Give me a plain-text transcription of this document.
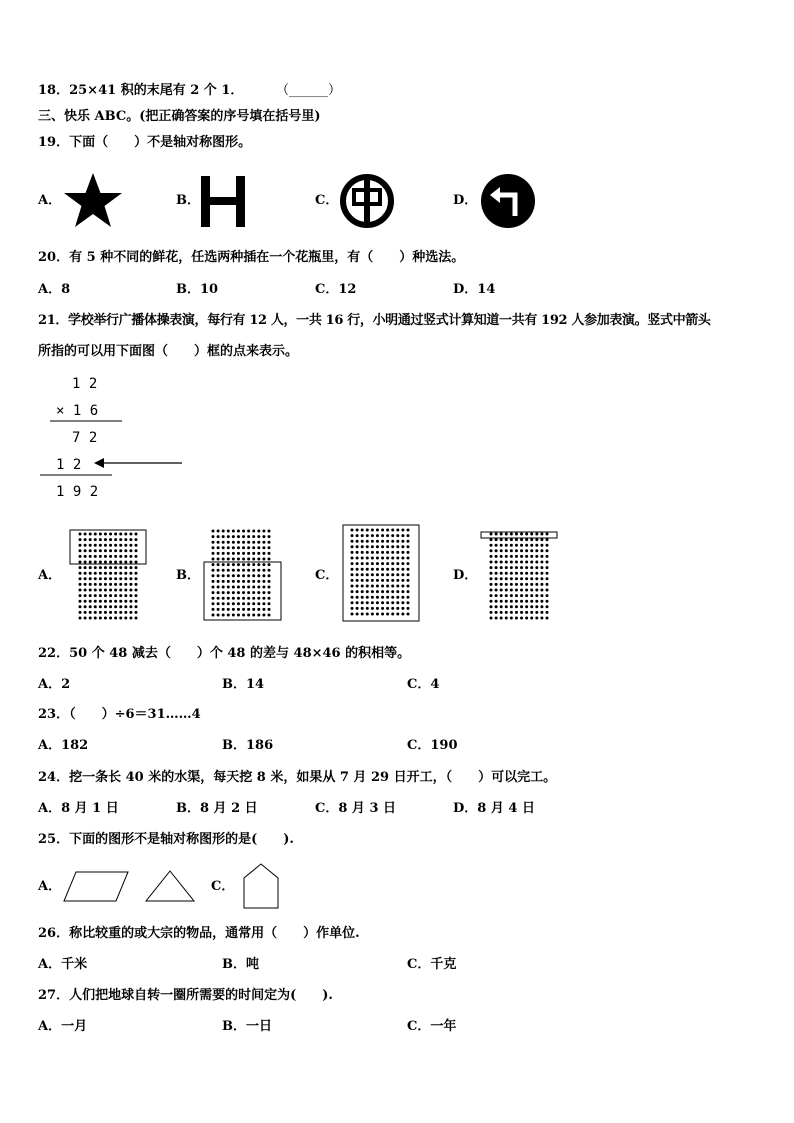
18．25×41 积的末尾有 2 个 1．	（______）
三、快乐 ABC。(把正确答案的序号填在括号里)
19．下面（　　）不是轴对称图形。
A．	B．	C．	D．
20．有 5 种不同的鲜花，任选两种插在一个花瓶里，有（　　）种选法。
A．8	B．10	C．12	D．14
21．学校举行广播体操表演，每行有 12 人，一共 16 行，小明通过竖式计算知道一共有 192 人参加表演。竖式中箭头
所指的可以用下面图（　　）框的点来表示。
1 2
× 1 6
7 2
1 2
1 9 2
A．	B．	C．	D．
22．50 个 48 减去（　　）个 48 的差与 48×46 的积相等。
A．2	B．14	C．4
23．（　　）÷6＝31……4
A．182	B．186	C．190
24．挖一条长 40 米的水渠，每天挖 8 米，如果从 7 月 29 日开工，（　　）可以完工。
A．8 月 1 日	B．8 月 2 日	C．8 月 3 日	D．8 月 4 日
25．下面的图形不是轴对称图形的是(　　).
A．	C．
26．称比较重的或大宗的物品，通常用（　　）作单位.
A．千米	B．吨	C．千克
27．人们把地球自转一圈所需要的时间定为(　　).
A．一月	B．一日	C．一年
